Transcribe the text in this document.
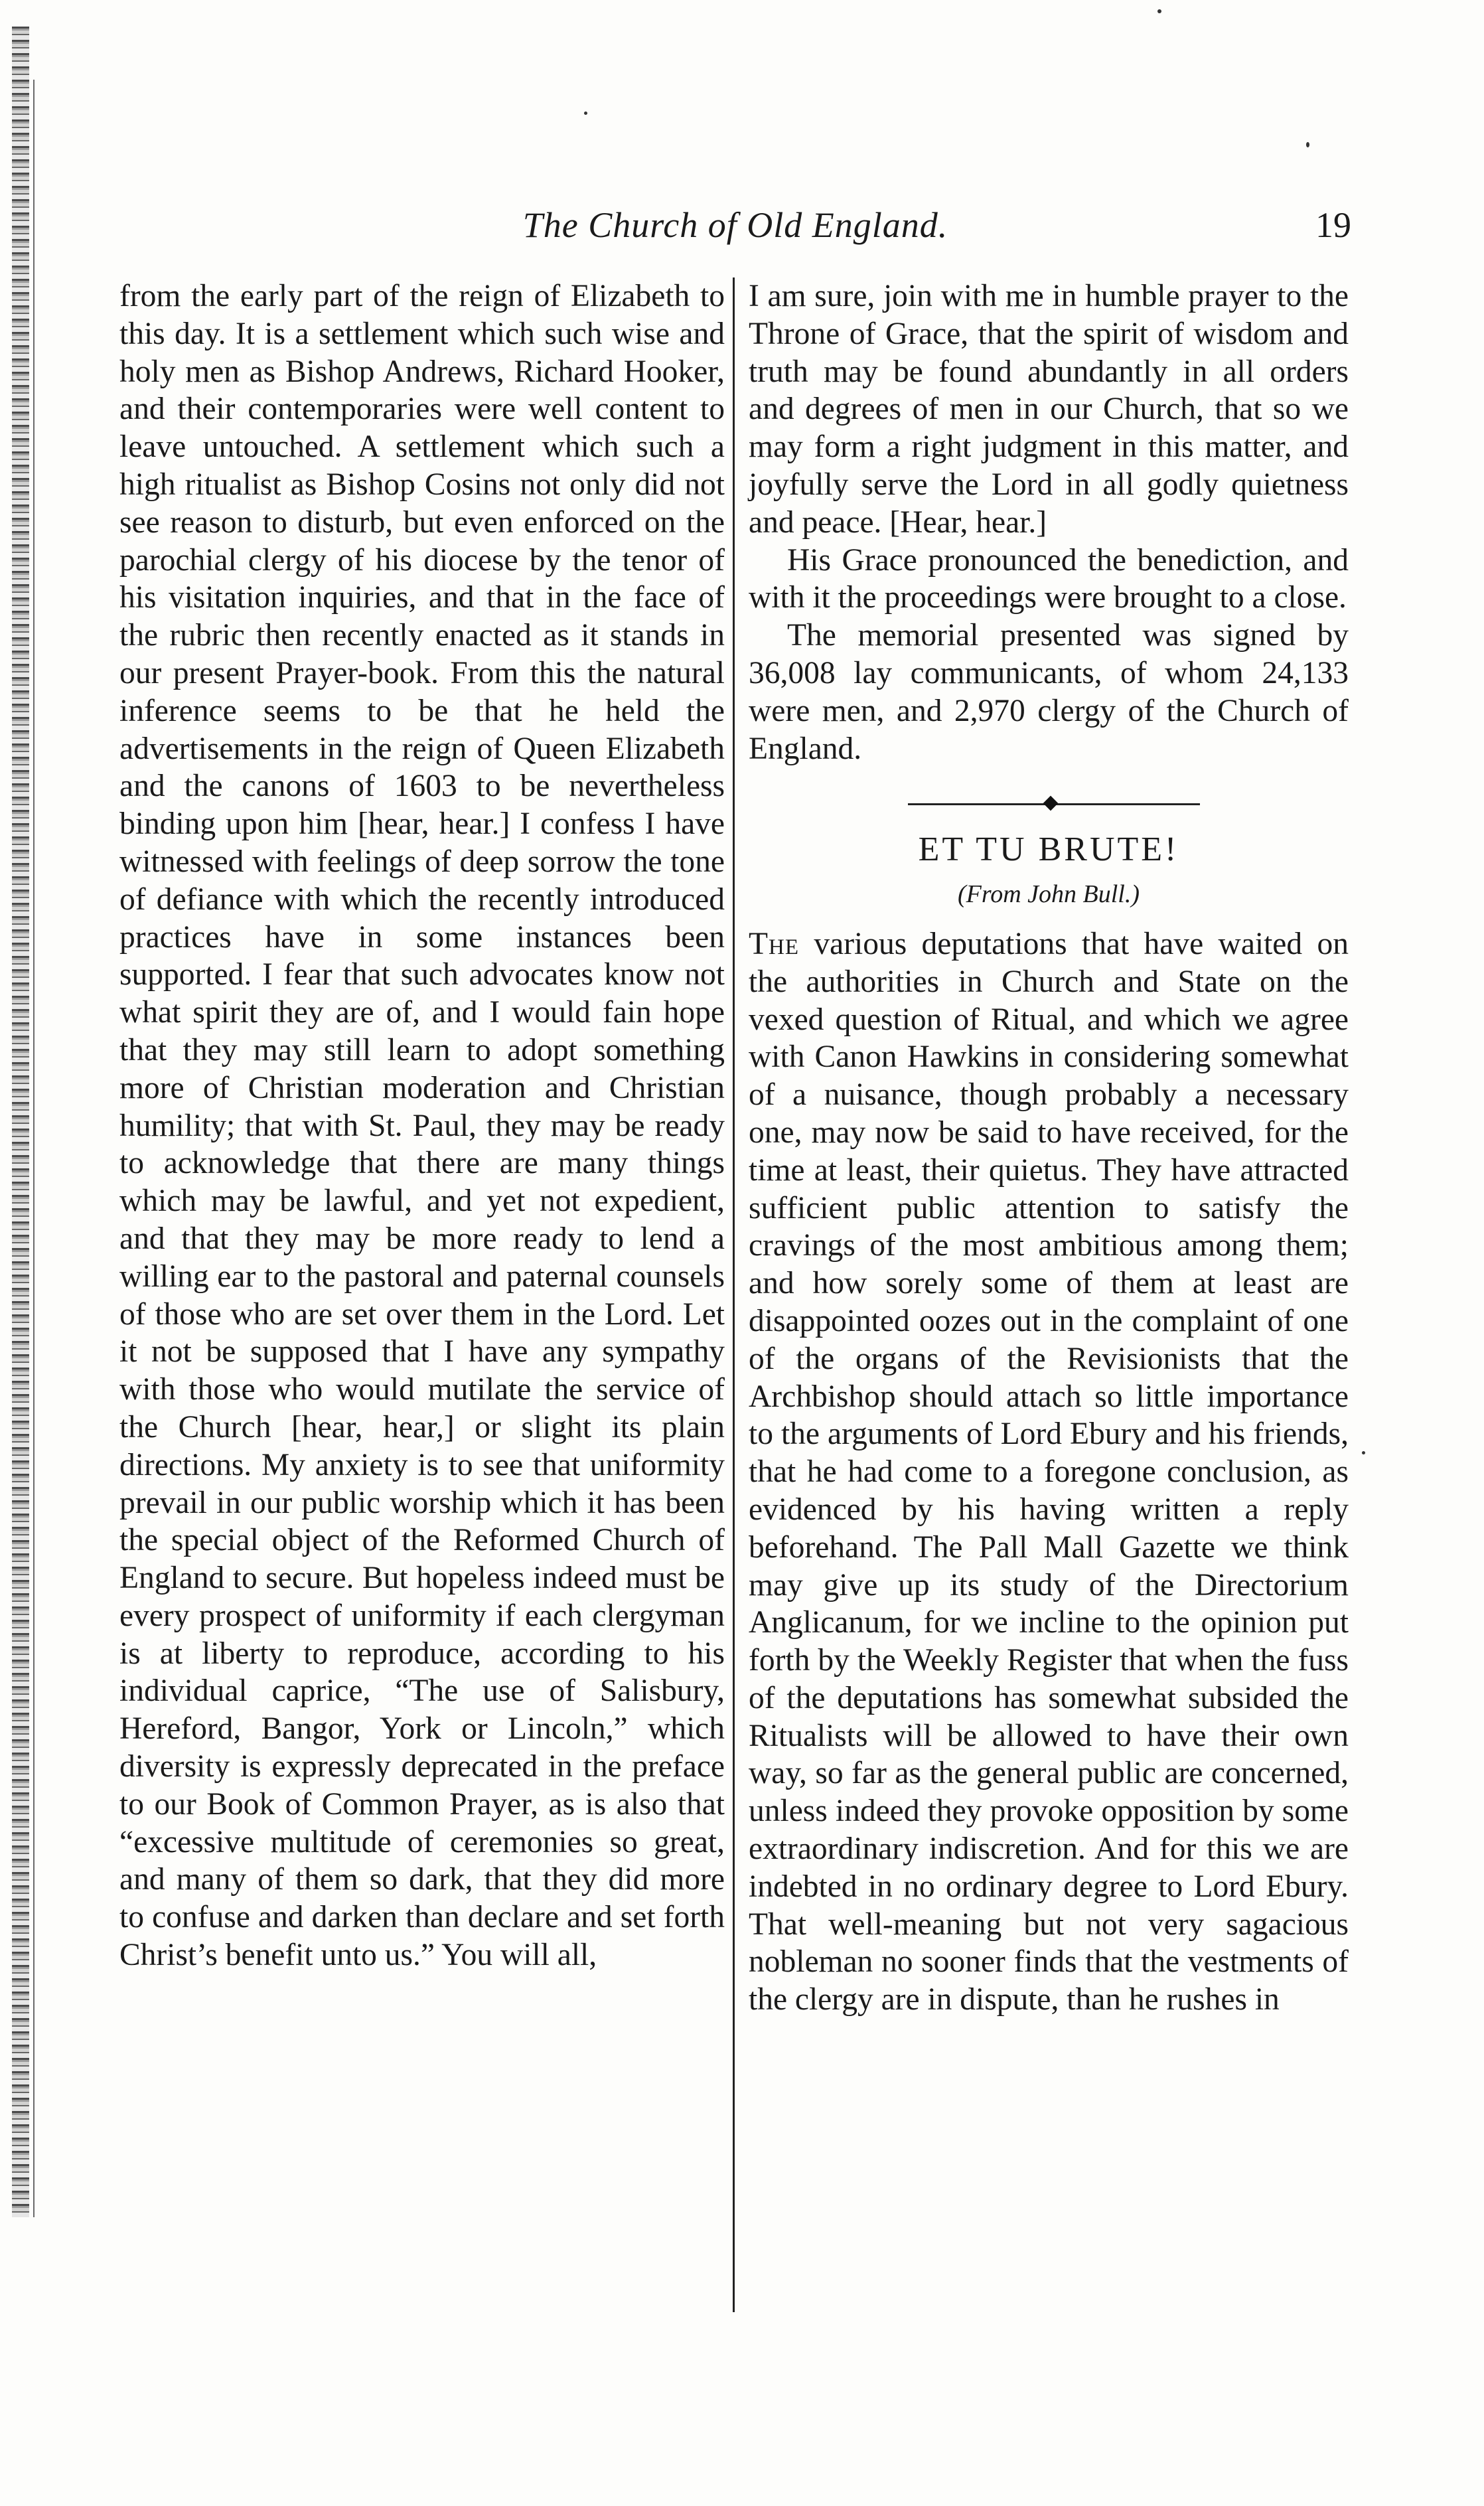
The Church of Old England.	19

from the early part of the reign of Elizabeth to this day. It is a settlement which such wise and holy men as Bishop Andrews, Richard Hooker, and their contemporaries were well content to leave untouched. A settlement which such a high ritualist as Bishop Cosins not only did not see reason to disturb, but even enforced on the parochial clergy of his diocese by the tenor of his visitation inquiries, and that in the face of the rubric then recently enacted as it stands in our present Prayer-book. From this the natural inference seems to be that he held the advertisements in the reign of Queen Elizabeth and the canons of 1603 to be nevertheless binding upon him [hear, hear.] I confess I have witnessed with feelings of deep sorrow the tone of defiance with which the recently introduced practices have in some instances been supported. I fear that such advocates know not what spirit they are of, and I would fain hope that they may still learn to adopt something more of Christian moderation and Christian humility; that with St. Paul, they may be ready to acknowledge that there are many things which may be lawful, and yet not expedient, and that they may be more ready to lend a willing ear to the pastoral and paternal counsels of those who are set over them in the Lord. Let it not be supposed that I have any sympathy with those who would mutilate the service of the Church [hear, hear,] or slight its plain directions. My anxiety is to see that uniformity prevail in our public worship which it has been the special object of the Reformed Church of England to secure. But hopeless indeed must be every prospect of uniformity if each clergyman is at liberty to reproduce, according to his individual caprice, “The use of Salisbury, Hereford, Bangor, York or Lincoln,” which diversity is expressly deprecated in the preface to our Book of Common Prayer, as is also that “excessive multitude of ceremonies so great, and many of them so dark, that they did more to confuse and darken than declare and set forth Christ’s benefit unto us.” You will all,

I am sure, join with me in humble prayer to the Throne of Grace, that the spirit of wisdom and truth may be found abundantly in all orders and degrees of men in our Church, that so we may form a right judgment in this matter, and joyfully serve the Lord in all godly quietness and peace. [Hear, hear.]

His Grace pronounced the benediction, and with it the proceedings were brought to a close.

The memorial presented was signed by 36,008 lay communicants, of whom 24,133 were men, and 2,970 clergy of the Church of England.

ET TU BRUTE!
(From John Bull.)

The various deputations that have waited on the authorities in Church and State on the vexed question of Ritual, and which we agree with Canon Hawkins in considering somewhat of a nuisance, though probably a necessary one, may now be said to have received, for the time at least, their quietus. They have attracted sufficient public attention to satisfy the cravings of the most ambitious among them; and how sorely some of them at least are disappointed oozes out in the complaint of one of the organs of the Revisionists that the Archbishop should attach so little importance to the arguments of Lord Ebury and his friends, that he had come to a foregone conclusion, as evidenced by his having written a reply beforehand. The Pall Mall Gazette we think may give up its study of the Directorium Anglicanum, for we incline to the opinion put forth by the Weekly Register that when the fuss of the deputations has somewhat subsided the Ritualists will be allowed to have their own way, so far as the general public are concerned, unless indeed they provoke opposition by some extraordinary indiscretion. And for this we are indebted in no ordinary degree to Lord Ebury. That well-meaning but not very sagacious nobleman no sooner finds that the vestments of the clergy are in dispute, than he rushes in
